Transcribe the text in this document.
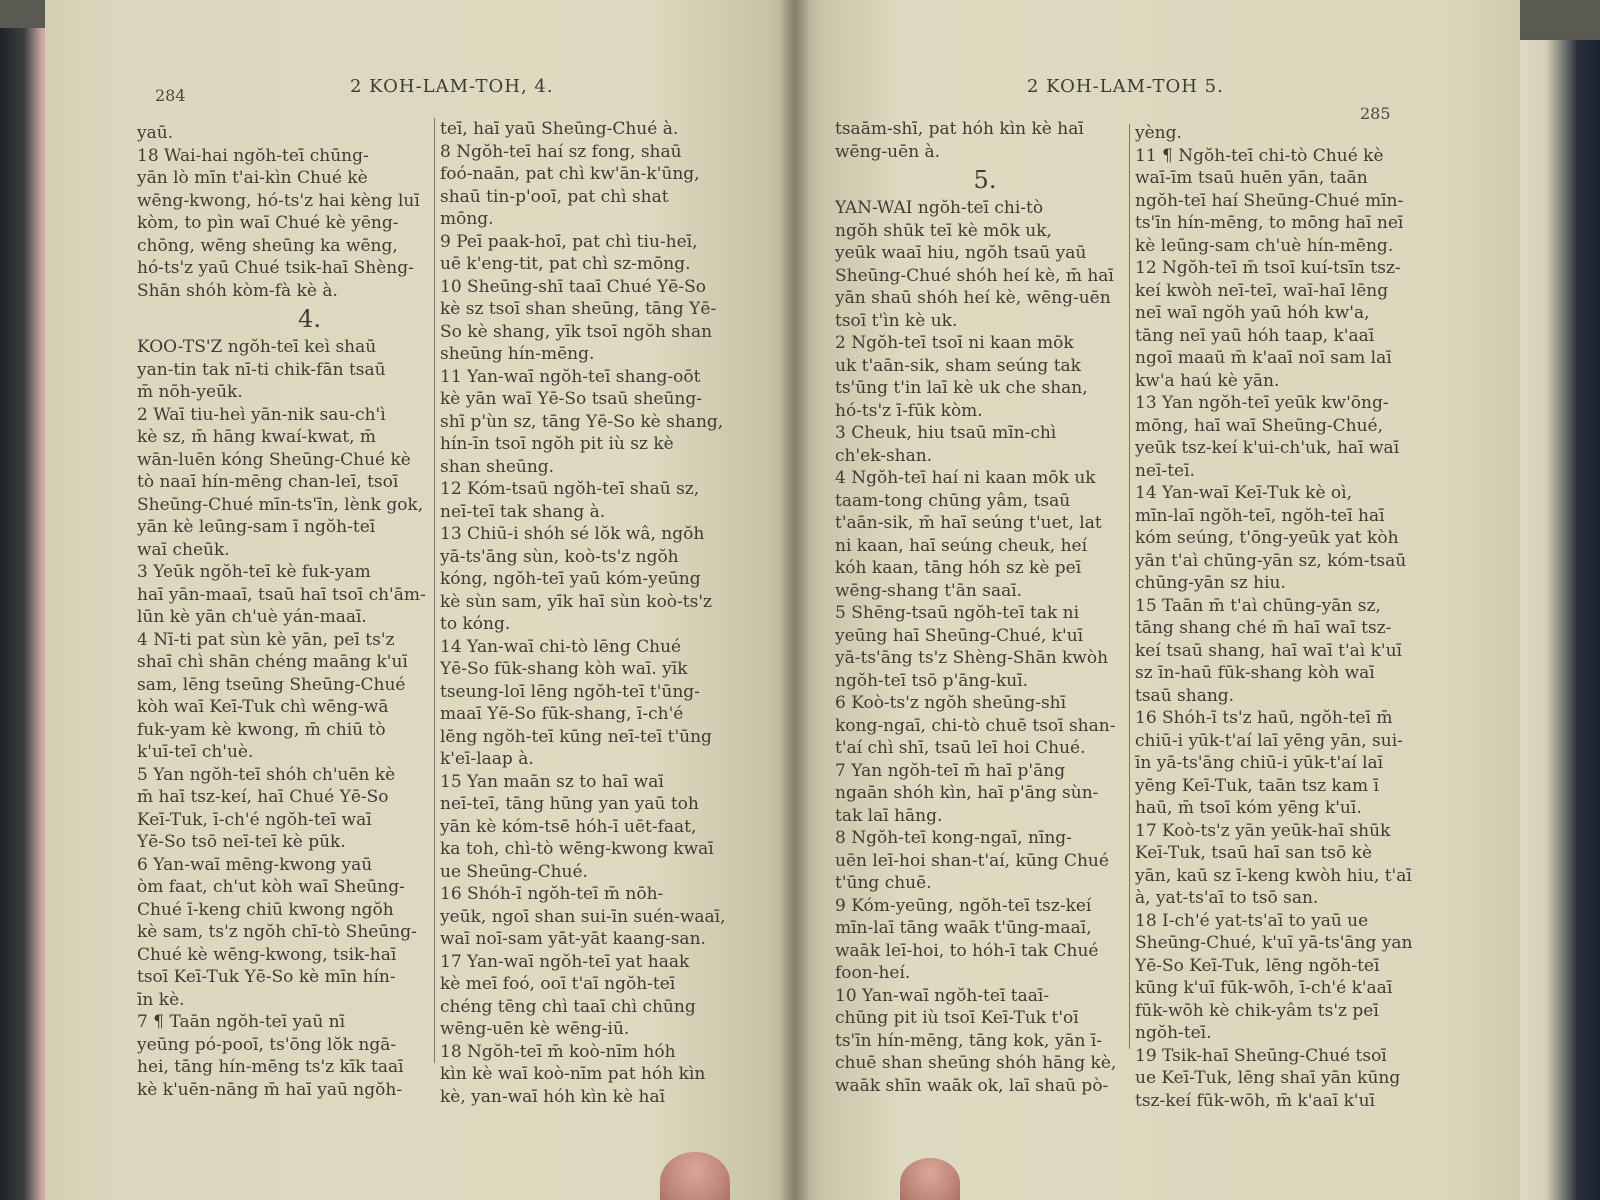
284	2 KOH-LAM-TOH, 4.
yaū.
18 Wai-hai ngŏh-teī chūng-
yān lò mīn t'ai-kìn Chué kè
wēng-kwong, hó-ts'z hai kèng luī
kòm, to pìn waī Chué kè yēng-
chōng, wēng sheūng ka wēng,
hó-ts'z yaū Chué tsik-haī Shèng-
Shān shóh kòm-fà kè à.
4.
KOO-TS'Z ngŏh-teī keì shaū
yan-tin tak nī-ti chik-fān tsaū
m̄ nōh-yeūk.
2 Waī tiu-heì yān-nik sau-ch'ì
kè sz, m̄ hāng kwaí-kwat, m̄
wān-luēn kóng Sheūng-Chué kè
tò naaī hín-mēng chan-leī, tsoī
Sheūng-Chué mīn-ts'īn, lènk gok,
yān kè leūng-sam ī ngŏh-teī
waī cheūk.
3 Yeūk ngŏh-teī kè fuk-yam
haī yān-maaī, tsaū haī tsoī ch'ām-
lūn kè yān ch'uè yán-maaī.
4 Nī-ti pat sùn kè yān, peī ts'z
shaī chì shān chéng maāng k'uī
sam, lēng tseūng Sheūng-Chué
kòh waī Keī-Tuk chì wēng-wā
fuk-yam kè kwong, m̄ chiū tò
k'uī-teī ch'uè.
5 Yan ngŏh-teī shóh ch'uēn kè
m̄ haī tsz-keí, haī Chué Yē-So
Keī-Tuk, ī-ch'é ngŏh-teī waī
Yē-So tsō neī-teī kè pūk.
6 Yan-waī mēng-kwong yaū
òm faat, ch'ut kòh waī Sheūng-
Chué ī-keng chiū kwong ngŏh
kè sam, ts'z ngŏh chī-tò Sheūng-
Chué kè wēng-kwong, tsik-haī
tsoī Keī-Tuk Yē-So kè mīn hín-
īn kè.
7 ¶ Taān ngŏh-teī yaū nī
yeūng pó-pooī, ts'ōng lŏk ngā-
hei, tāng hín-mēng ts'z kīk taaī
kè k'uēn-nāng m̄ haī yaū ngŏh-
teī, haī yaū Sheūng-Chué à.
8 Ngŏh-teī haí sz fong, shaū
foó-naān, pat chì kw'ān-k'ūng,
shaū tin-p'ooī, pat chì shat
mōng.
9 Peī paak-hoī, pat chì tiu-heī,
uē k'eng-tit, pat chì sz-mōng.
10 Sheūng-shī taaī Chué Yē-So
kè sz tsoī shan sheūng, tāng Yē-
So kè shang, yīk tsoī ngŏh shan
sheūng hín-mēng.
11 Yan-waī ngŏh-teī shang-oōt
kè yān waī Yē-So tsaū sheūng-
shī p'ùn sz, tāng Yē-So kè shang,
hín-īn tsoī ngŏh pit iù sz kè
shan sheūng.
12 Kóm-tsaū ngŏh-teī shaū sz,
neī-teī tak shang à.
13 Chiū-i shóh sé lŏk wâ, ngŏh
yā-ts'āng sùn, koò-ts'z ngŏh
kóng, ngŏh-teī yaū kóm-yeūng
kè sùn sam, yīk haī sùn koò-ts'z
to kóng.
14 Yan-waī chi-tò lēng Chué
Yē-So fūk-shang kòh waī. yīk
tseung-loī lēng ngŏh-teī t'ūng-
maaī Yē-So fūk-shang, ī-ch'é
lēng ngŏh-teī kūng neī-teī t'ūng
k'eī-laap à.
15 Yan maān sz to haī waī
neī-teī, tāng hūng yan yaū toh
yān kè kóm-tsē hóh-ī uēt-faat,
ka toh, chì-tò wēng-kwong kwaī
ue Sheūng-Chué.
16 Shóh-ī ngŏh-teī m̄ nōh-
yeūk, ngoī shan sui-īn suén-waaī,
waī noī-sam yāt-yāt kaang-san.
17 Yan-waī ngŏh-teī yat haak
kè meī foó, ooī t'aī ngŏh-teī
chéng tēng chì taaī chì chūng
wēng-uēn kè wēng-iū.
18 Ngŏh-teī m̄ koò-nīm hóh
kìn kè waī koò-nīm pat hóh kìn
kè, yan-waī hóh kìn kè haī
2 KOH-LAM-TOH 5.
285
tsaām-shī, pat hóh kìn kè haī
wēng-uēn à.
5.
YAN-WAI ngŏh-teī chi-tò
ngŏh shūk teī kè mōk uk,
yeūk waaī hiu, ngŏh tsaū yaū
Sheūng-Chué shóh heí kè, m̄ haī
yān shaū shóh heí kè, wēng-uēn
tsoī t'ìn kè uk.
2 Ngŏh-teī tsoī ni kaan mōk
uk t'aān-sik, sham seúng tak
ts'ūng t'in laī kè uk che shan,
hó-ts'z ī-fūk kòm.
3 Cheuk, hiu tsaū mīn-chì
ch'ek-shan.
4 Ngŏh-teī haí ni kaan mōk uk
taam-tong chūng yâm, tsaū
t'aān-sik, m̄ haī seúng t'uet, lat
ni kaan, haī seúng cheuk, heí
kóh kaan, tāng hóh sz kè peī
wēng-shang t'ān saaī.
5 Shēng-tsaū ngŏh-teī tak ni
yeūng haī Sheūng-Chué, k'uī
yā-ts'āng ts'z Shèng-Shān kwòh
ngŏh-teī tsō p'āng-kuī.
6 Koò-ts'z ngŏh sheūng-shī
kong-ngaī, chi-tò chuē tsoī shan-
t'aí chì shī, tsaū leī hoi Chué.
7 Yan ngŏh-teī m̄ haī p'āng
ngaān shóh kìn, haī p'āng sùn-
tak laī hāng.
8 Ngŏh-teī kong-ngaī, nīng-
uēn leī-hoi shan-t'aí, kūng Chué
t'ūng chuē.
9 Kóm-yeūng, ngŏh-teī tsz-keí
mīn-laī tāng waāk t'ūng-maaī,
waāk leī-hoi, to hóh-ī tak Chué
foon-heí.
10 Yan-waī ngŏh-teī taaī-
chūng pit iù tsoī Keī-Tuk t'oī
ts'īn hín-mēng, tāng kok, yān ī-
chuē shan sheūng shóh hāng kè,
waāk shīn waāk ok, laī shaū pò-
yèng.
11 ¶ Ngŏh-teī chi-tò Chué kè
waī-īm tsaū huēn yān, taān
ngŏh-teī haí Sheūng-Chué mīn-
ts'īn hín-mēng, to mōng haī neī
kè leūng-sam ch'uè hín-mēng.
12 Ngŏh-teī m̄ tsoī kuí-tsīn tsz-
keí kwòh neī-teī, waī-haī lēng
neī waī ngŏh yaū hóh kw'a,
tāng neī yaū hóh taap, k'aaī
ngoī maaū m̄ k'aaī noī sam laī
kw'a haú kè yān.
13 Yan ngŏh-teī yeūk kw'ōng-
mōng, haī waī Sheūng-Chué,
yeūk tsz-keí k'ui-ch'uk, haī waī
neī-teī.
14 Yan-waī Keī-Tuk kè oì,
mīn-laī ngŏh-teī, ngŏh-teī haī
kóm seúng, t'ōng-yeūk yat kòh
yān t'aì chūng-yān sz, kóm-tsaū
chūng-yān sz hiu.
15 Taān m̄ t'aì chūng-yān sz,
tāng shang ché m̄ haī waī tsz-
keí tsaū shang, haī waī t'aì k'uī
sz īn-haū fūk-shang kòh waī
tsaū shang.
16 Shóh-ī ts'z haū, ngŏh-teī m̄
chiū-i yūk-t'aí laī yēng yān, sui-
īn yā-ts'āng chiū-i yūk-t'aí laī
yēng Keī-Tuk, taān tsz kam ī
haū, m̄ tsoī kóm yēng k'uī.
17 Koò-ts'z yān yeūk-haī shūk
Keī-Tuk, tsaū haī san tsō kè
yān, kaū sz ī-keng kwòh hiu, t'aī
à, yat-ts'aī to tsō san.
18 I-ch'é yat-ts'aī to yaū ue
Sheūng-Chué, k'uī yā-ts'āng yan
Yē-So Keī-Tuk, lēng ngŏh-teī
kūng k'uī fūk-wōh, ī-ch'é k'aaī
fūk-wōh kè chik-yâm ts'z peī
ngŏh-teī.
19 Tsik-haī Sheūng-Chué tsoī
ue Keī-Tuk, lēng shaī yān kūng
tsz-keí fūk-wōh, m̄ k'aaī k'uī
